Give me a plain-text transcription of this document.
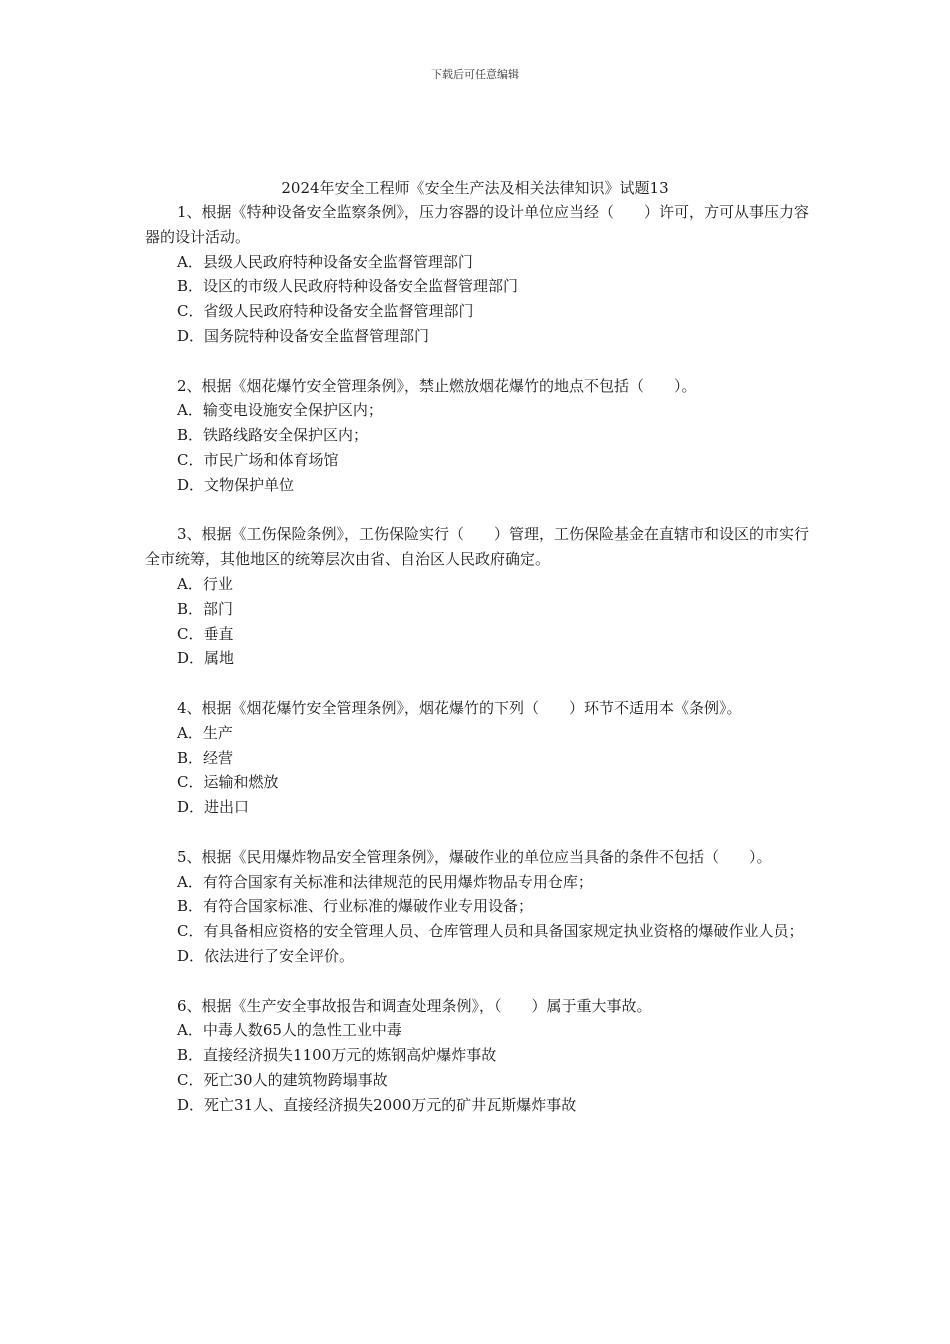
下载后可任意编辑
2024年安全工程师《安全生产法及相关法律知识》试题13

1、根据《特种设备安全监察条例》，压力容器的设计单位应当经（　　）许可，方可从事压力容器的设计活动。

A．县级人民政府特种设备安全监督管理部门

B．设区的市级人民政府特种设备安全监督管理部门

C．省级人民政府特种设备安全监督管理部门

D．国务院特种设备安全监督管理部门

2、根据《烟花爆竹安全管理条例》，禁止燃放烟花爆竹的地点不包括（　　）。

A．输变电设施安全保护区内；

B．铁路线路安全保护区内；

C．市民广场和体育场馆

D．文物保护单位

3、根据《工伤保险条例》，工伤保险实行（　　）管理，工伤保险基金在直辖市和设区的市实行全市统筹，其他地区的统筹层次由省、自治区人民政府确定。

A．行业

B．部门

C．垂直

D．属地

4、根据《烟花爆竹安全管理条例》，烟花爆竹的下列（　　）环节不适用本《条例》。

A．生产

B．经营

C．运输和燃放

D．进出口

5、根据《民用爆炸物品安全管理条例》，爆破作业的单位应当具备的条件不包括（　　）。

A．有符合国家有关标准和法律规范的民用爆炸物品专用仓库；

B．有符合国家标准、行业标准的爆破作业专用设备；

C．有具备相应资格的安全管理人员、仓库管理人员和具备国家规定执业资格的爆破作业人员；

D．依法进行了安全评价。

6、根据《生产安全事故报告和调查处理条例》，（　　）属于重大事故。

A．中毒人数65人的急性工业中毒

B．直接经济损失1100万元的炼钢高炉爆炸事故

C．死亡30人的建筑物跨塌事故

D．死亡31人、直接经济损失2000万元的矿井瓦斯爆炸事故
